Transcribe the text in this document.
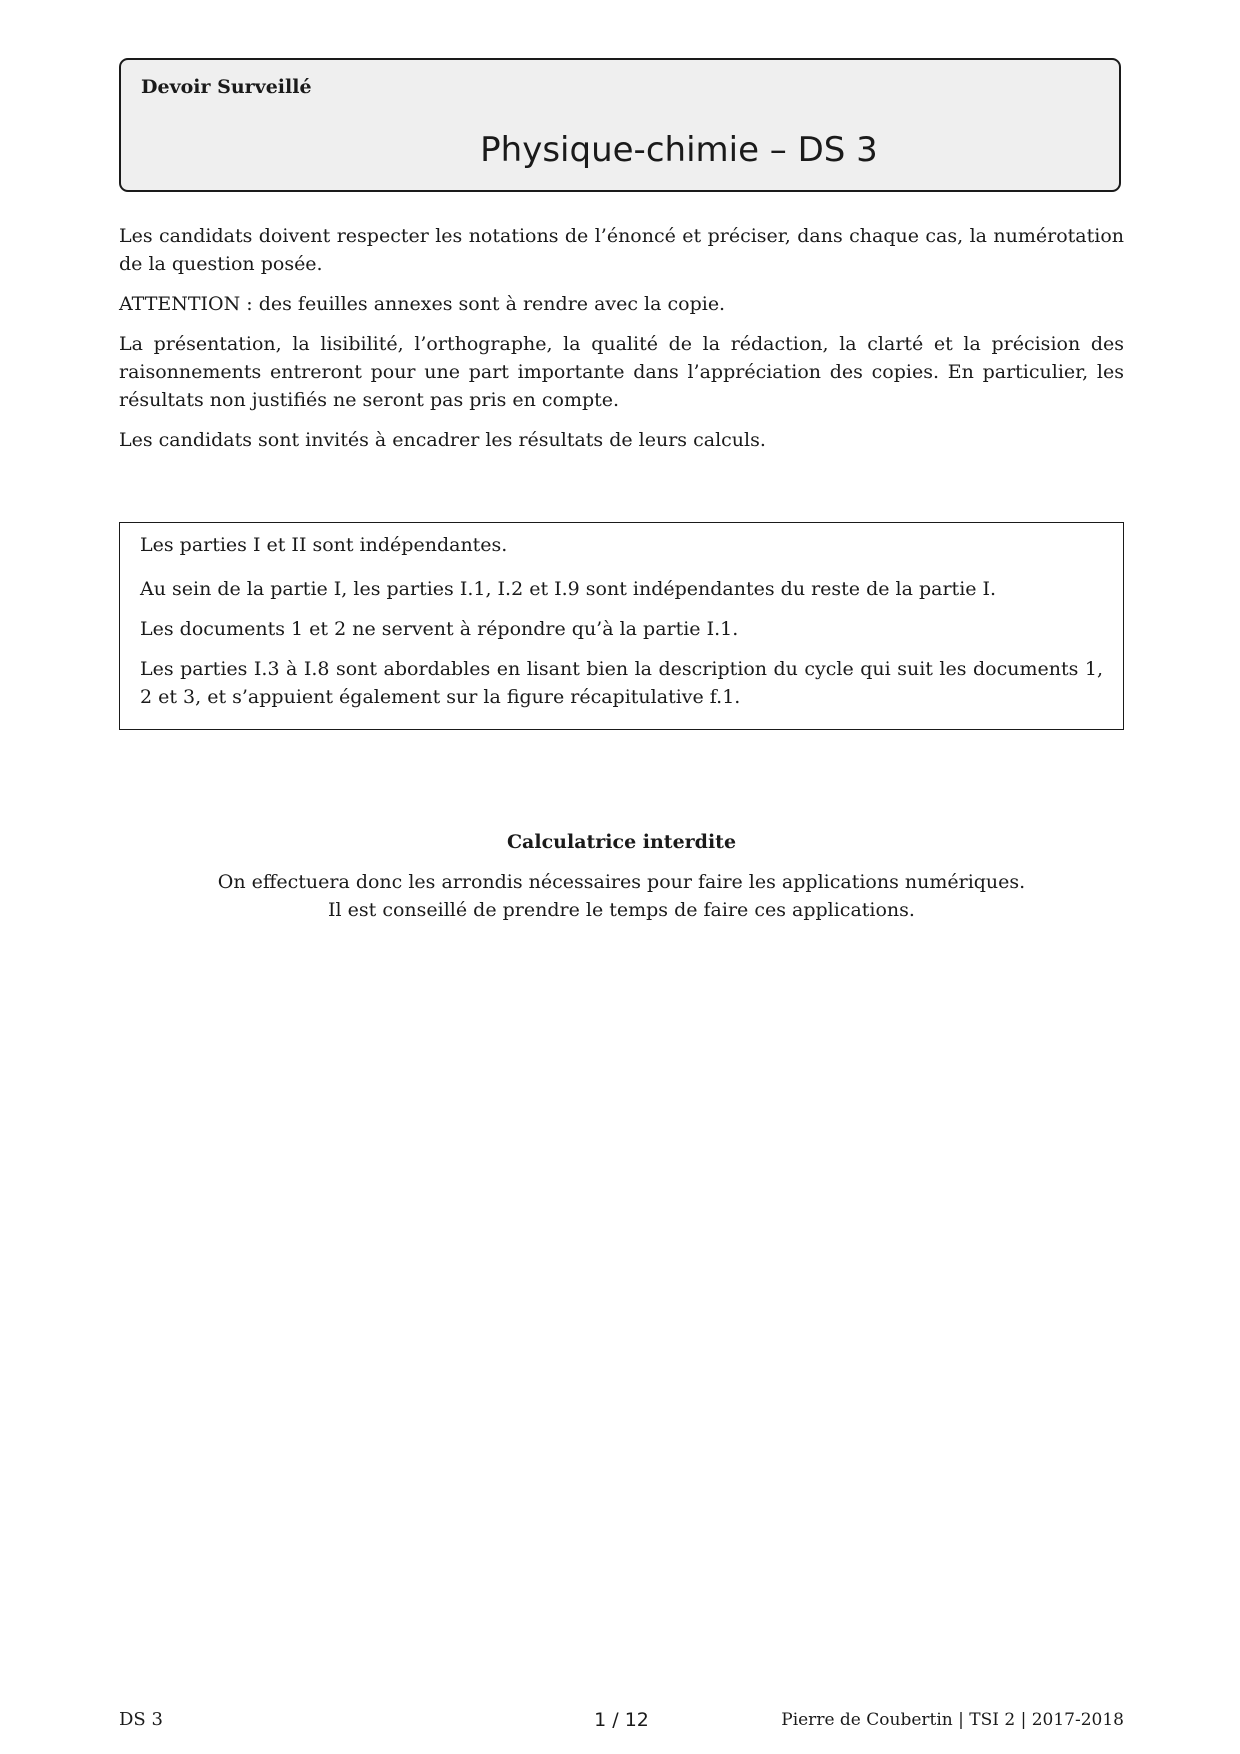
Devoir Surveillé
Physique-chimie – DS 3

Les candidats doivent respecter les notations de l’énoncé et préciser, dans chaque cas, la numérotation de la question posée.

ATTENTION : des feuilles annexes sont à rendre avec la copie.

La présentation, la lisibilité, l’orthographe, la qualité de la rédaction, la clarté et la précision des raisonnements entreront pour une part importante dans l’appréciation des copies. En particulier, les résultats non justifiés ne seront pas pris en compte.

Les candidats sont invités à encadrer les résultats de leurs calculs.

Les parties I et II sont indépendantes.

Au sein de la partie I, les parties I.1, I.2 et I.9 sont indépendantes du reste de la partie I.

Les documents 1 et 2 ne servent à répondre qu’à la partie I.1.

Les parties I.3 à I.8 sont abordables en lisant bien la description du cycle qui suit les documents 1, 2 et 3, et s’appuient également sur la figure récapitulative f.1.

Calculatrice interdite
On effectuera donc les arrondis nécessaires pour faire les applications numériques.
Il est conseillé de prendre le temps de faire ces applications.
DS 3	1 / 12	Pierre de Coubertin | TSI 2 | 2017-2018
